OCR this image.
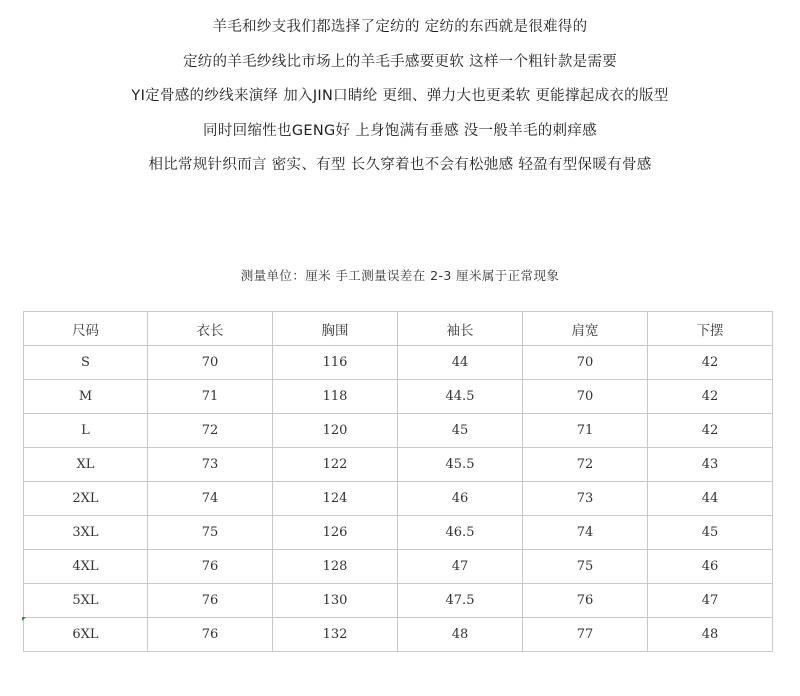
羊毛和纱支我们都选择了定纺的 定纺的东西就是很难得的
定纺的羊毛纱线比市场上的羊毛手感要更软 这样一个粗针款是需要
YI定骨感的纱线来演绎 加入JIN口睛纶 更细、弹力大也更柔软 更能撑起成衣的版型
同时回缩性也GENG好 上身饱满有垂感 没一般羊毛的刺痒感
相比常规针织而言 密实、有型 长久穿着也不会有松弛感 轻盈有型保暖有骨感
测量单位：厘米 手工测量误差在 2-3 厘米属于正常现象
尺码	衣长	胸围	袖长	肩宽	下摆
S	70	116	44	70	42
M	71	118	44.5	70	42
L	72	120	45	71	42
XL	73	122	45.5	72	43
2XL	74	124	46	73	44
3XL	75	126	46.5	74	45
4XL	76	128	47	75	46
5XL	76	130	47.5	76	47
6XL	76	132	48	77	48
